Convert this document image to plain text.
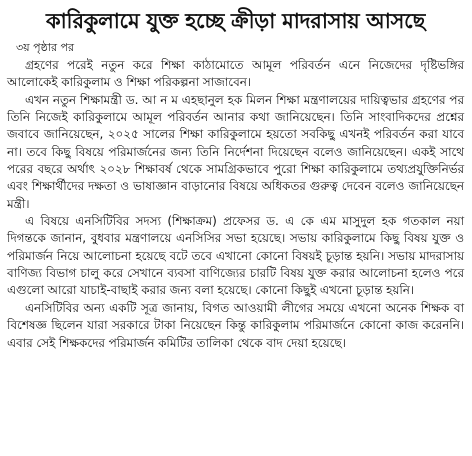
কারিকুলামে যুক্ত হচ্ছে ক্রীড়া মাদরাসায় আসছে
৩য় পৃষ্ঠার পর

গ্রহণের পরেই নতুন করে শিক্ষা কাঠামোতে আমূল পরিবর্তন এনে নিজেদের দৃষ্টিভঙ্গির আলোকেই কারিকুলাম ও শিক্ষা পরিকল্পনা সাজাবেন।

এখন নতুন শিক্ষামন্ত্রী ড. আ ন ম এহছানুল হক মিলন শিক্ষা মন্ত্রণালয়ের দায়িত্বভার গ্রহণের পর তিনি নিজেই কারিকুলামে আমূল পরিবর্তন আনার কথা জানিয়েছেন। তিনি সাংবাদিকদের প্রশ্নের জবাবে জানিয়েছেন, ২০২৫ সালের শিক্ষা কারিকুলামে হয়তো সবকিছু এখনই পরিবর্তন করা যাবে না। তবে কিছু বিষয়ে পরিমার্জনের জন্য তিনি নির্দেশনা দিয়েছেন বলেও জানিয়েছেন। একই সাথে পরের বছরে অর্থাৎ ২০২৮ শিক্ষাবর্ষ থেকে সামগ্রিকভাবে পুরো শিক্ষা কারিকুলামে তথ্যপ্রযুক্তিনির্ভর এবং শিক্ষার্থীদের দক্ষতা ও ভাষাজ্ঞান বাড়ানোর বিষয়ে অধিকতর গুরুত্ব দেবেন বলেও জানিয়েছেন মন্ত্রী।

এ বিষয়ে এনসিটিবির সদস্য (শিক্ষাক্রম) প্রফেসর ড. এ কে এম মাসুদুল হক গতকাল নয়া দিগন্তকে জানান, বুধবার মন্ত্রণালয়ে এনসিসির সভা হয়েছে। সভায় কারিকুলামে কিছু বিষয় যুক্ত ও পরিমার্জন নিয়ে আলোচনা হয়েছে বটে তবে এখানো কোনো বিষয়ই চূড়ান্ত হয়নি। সভায় মাদরাসায় বাণিজ্য বিভাগ চালু করে সেখানে ব্যবসা বাণিজ্যের চারটি বিষয় যুক্ত করার আলোচনা হলেও পরে এগুলো আরো যাচাই-বাছাই করার জন্য বলা হয়েছে। কোনো কিছুই এখনো চূড়ান্ত হয়নি।

এনসিটিবির অন্য একটি সূত্র জানায়, বিগত আওয়ামী লীগের সময়ে এখনো অনেক শিক্ষক বা বিশেষজ্ঞ ছিলেন যারা সরকারে টাকা নিয়েছেন কিন্তু কারিকুলাম পরিমার্জনে কোনো কাজ করেননি। এবার সেই শিক্ষকদের পরিমার্জন কমিটির তালিকা থেকে বাদ দেয়া হয়েছে।
